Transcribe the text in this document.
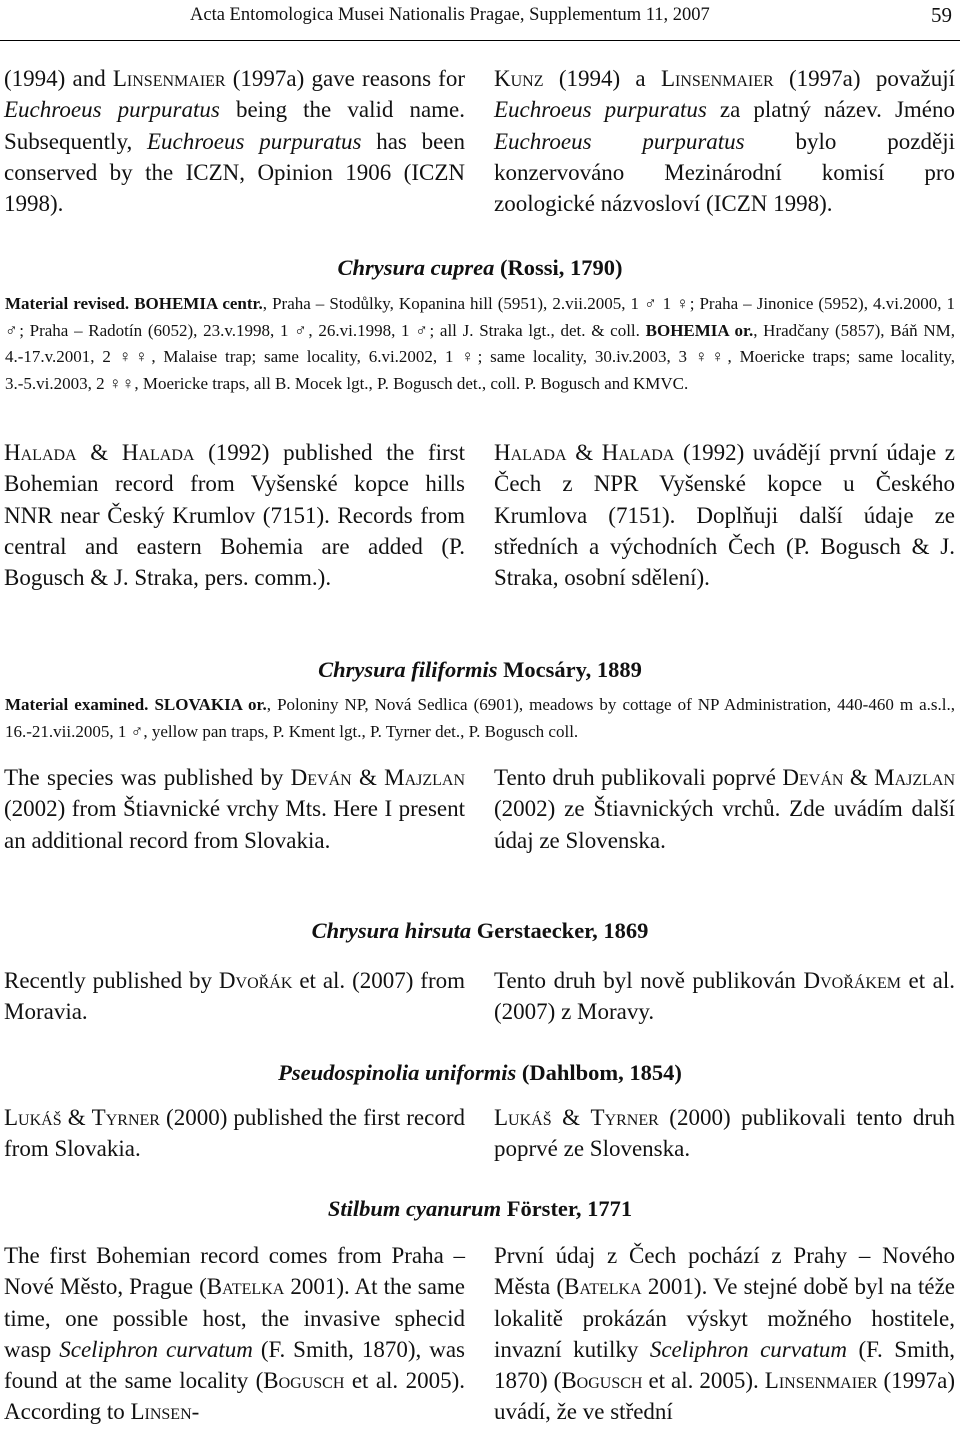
Acta Entomologica Musei Nationalis Pragae, Supplementum 11, 2007	59

(1994) and Linsenmaier (1997a) gave reasons for Euchroeus purpuratus being the valid name. Subsequently, Euchroeus purpuratus has been conserved by the ICZN, Opinion 1906 (ICZN 1998).

Kunz (1994) a Linsenmaier (1997a) považují Euchroeus purpuratus za platný název. Jméno Euchroeus purpuratus bylo později konzervováno Mezinárodní komisí pro zoologické názvosloví (ICZN 1998).

Chrysura cuprea (Rossi, 1790)

Material revised. BOHEMIA centr., Praha – Stodůlky, Kopanina hill (5951), 2.vii.2005, 1 ♂ 1 ♀; Praha – Jinonice (5952), 4.vi.2000, 1 ♂; Praha – Radotín (6052), 23.v.1998, 1 ♂, 26.vi.1998, 1 ♂; all J. Straka lgt., det. & coll. BOHEMIA or., Hradčany (5857), Báň NM, 4.-17.v.2001, 2 ♀♀, Malaise trap; same locality, 6.vi.2002, 1 ♀; same locality, 30.iv.2003, 3 ♀♀, Moericke traps; same locality, 3.-5.vi.2003, 2 ♀♀, Moericke traps, all B. Mocek lgt., P. Bogusch det., coll. P. Bogusch and KMVC.

Halada & Halada (1992) published the first Bohemian record from Vyšenské kopce hills NNR near Český Krumlov (7151). Records from central and eastern Bohemia are added (P. Bogusch & J. Straka, pers. comm.).

Halada & Halada (1992) uvádějí první údaje z Čech z NPR Vyšenské kopce u Českého Krumlova (7151). Doplňuji další údaje ze středních a východních Čech (P. Bogusch & J. Straka, osobní sdělení).

Chrysura filiformis Mocsáry, 1889

Material examined. SLOVAKIA or., Poloniny NP, Nová Sedlica (6901), meadows by cottage of NP Administration, 440-460 m a.s.l., 16.-21.vii.2005, 1 ♂, yellow pan traps, P. Kment lgt., P. Tyrner det., P. Bogusch coll.

The species was published by Deván & Majzlan (2002) from Štiavnické vrchy Mts. Here I present an additional record from Slovakia.

Tento druh publikovali poprvé Deván & Majzlan (2002) ze Štiavnických vrchů. Zde uvádím další údaj ze Slovenska.

Chrysura hirsuta Gerstaecker, 1869

Recently published by Dvořák et al. (2007) from Moravia.

Tento druh byl nově publikován Dvořákem et al. (2007) z Moravy.

Pseudospinolia uniformis (Dahlbom, 1854)

Lukáš & Tyrner (2000) published the first record from Slovakia.

Lukáš & Tyrner (2000) publikovali tento druh poprvé ze Slovenska.

Stilbum cyanurum Förster, 1771

The first Bohemian record comes from Praha – Nové Město, Prague (Batelka 2001). At the same time, one possible host, the invasive sphecid wasp Sceliphron curvatum (F. Smith, 1870), was found at the same locality (Bogusch et al. 2005). According to Linsen-

První údaj z Čech pochází z Prahy – Nového Města (Batelka 2001). Ve stejné době byl na téže lokalitě prokázán výskyt možného hostitele, invazní kutilky Sceliphron curvatum (F. Smith, 1870) (Bogusch et al. 2005). Linsenmaier (1997a) uvádí, že ve střední
